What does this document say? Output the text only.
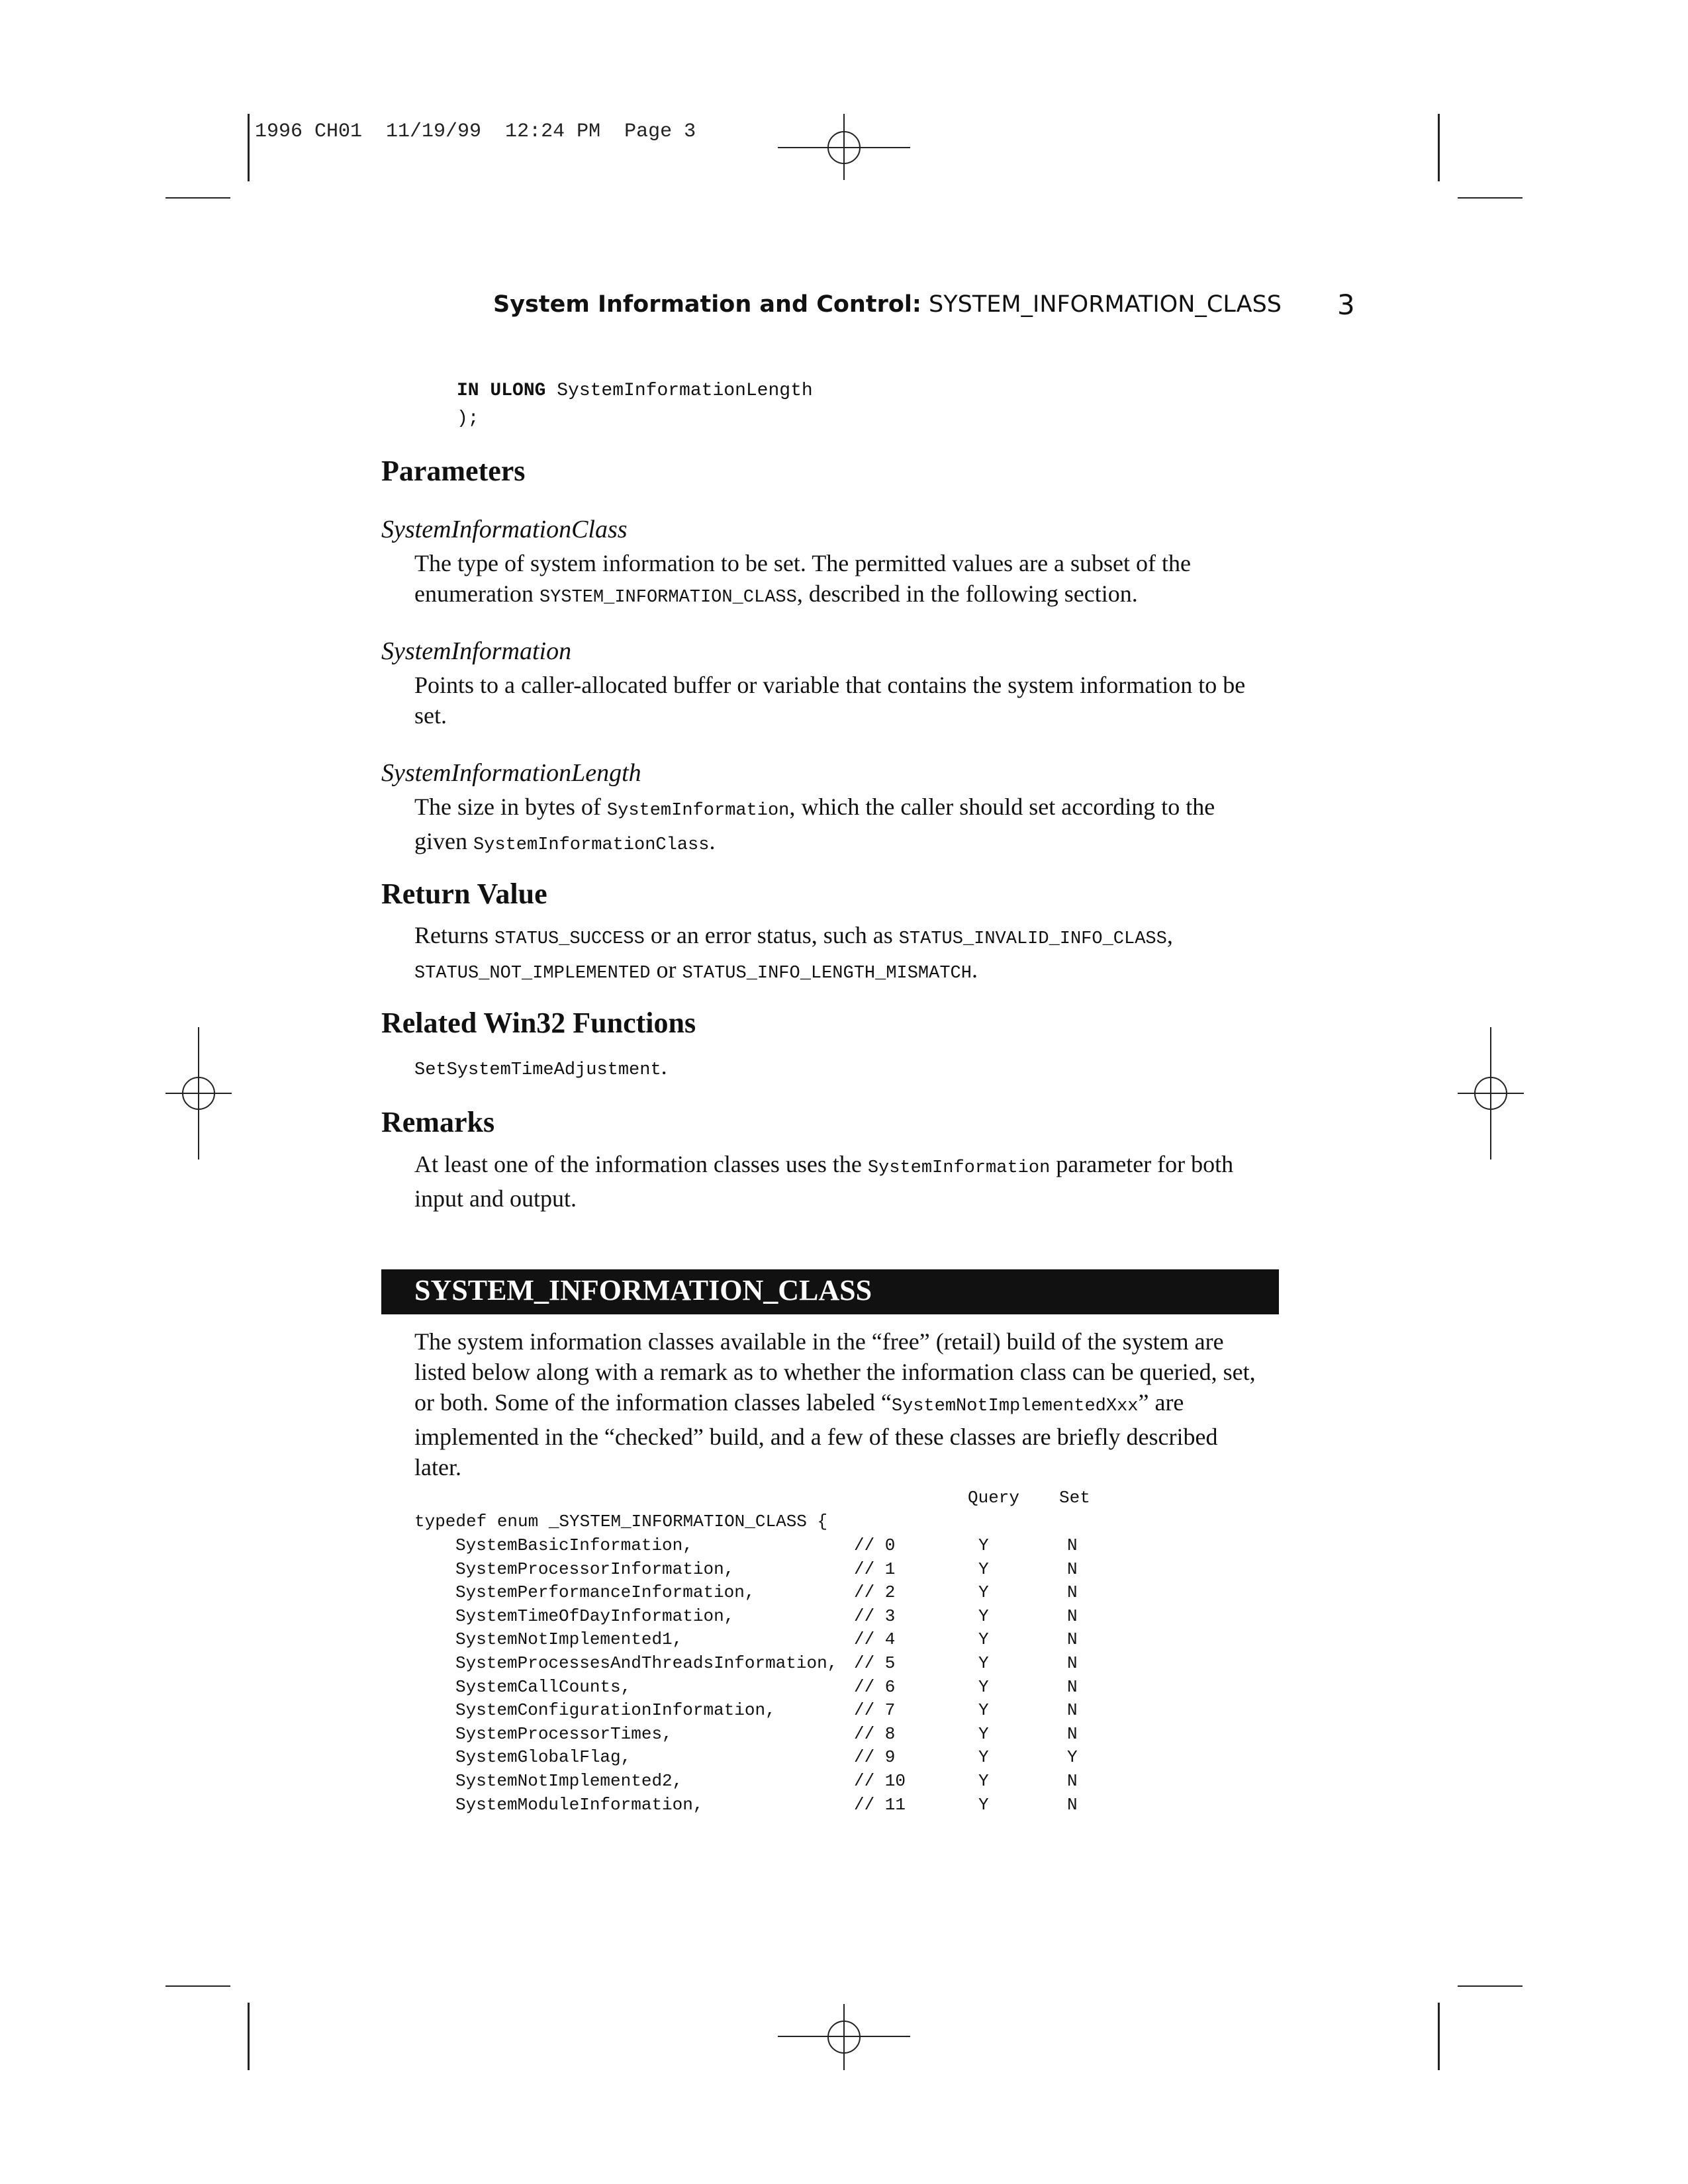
1996 CH01  11/19/99  12:24 PM  Page 3
System Information and Control: SYSTEM_INFORMATION_CLASS 3
IN ULONG SystemInformationLength
);
Parameters
SystemInformationClass
The type of system information to be set. The permitted values are a subset of the enumeration SYSTEM_INFORMATION_CLASS, described in the following section.
SystemInformation
Points to a caller-allocated buffer or variable that contains the system information to be set.
SystemInformationLength
The size in bytes of SystemInformation, which the caller should set according to the given SystemInformationClass.
Return Value
Returns STATUS_SUCCESS or an error status, such as STATUS_INVALID_INFO_CLASS,
STATUS_NOT_IMPLEMENTED or STATUS_INFO_LENGTH_MISMATCH.
Related Win32 Functions
SetSystemTimeAdjustment.
Remarks
At least one of the information classes uses the SystemInformation parameter for both input and output.
SYSTEM_INFORMATION_CLASS
The system information classes available in the “free” (retail) build of the system are listed below along with a remark as to whether the information class can be queried, set, or both. Some of the information classes labeled “SystemNotImplementedXxx” are implemented in the “checked” build, and a few of these classes are briefly described later.
Query Set
typedef enum _SYSTEM_INFORMATION_CLASS {
SystemBasicInformation,	// 0	Y	N
SystemProcessorInformation,	// 1	Y	N
SystemPerformanceInformation,	// 2	Y	N
SystemTimeOfDayInformation,	// 3	Y	N
SystemNotImplemented1,	// 4	Y	N
SystemProcessesAndThreadsInformation, // 5	Y	N
SystemCallCounts,	// 6	Y	N
SystemConfigurationInformation,	// 7	Y	N
SystemProcessorTimes,	// 8	Y	N
SystemGlobalFlag,	// 9	Y	Y
SystemNotImplemented2,	// 10	Y	N
SystemModuleInformation,	// 11	Y	N
